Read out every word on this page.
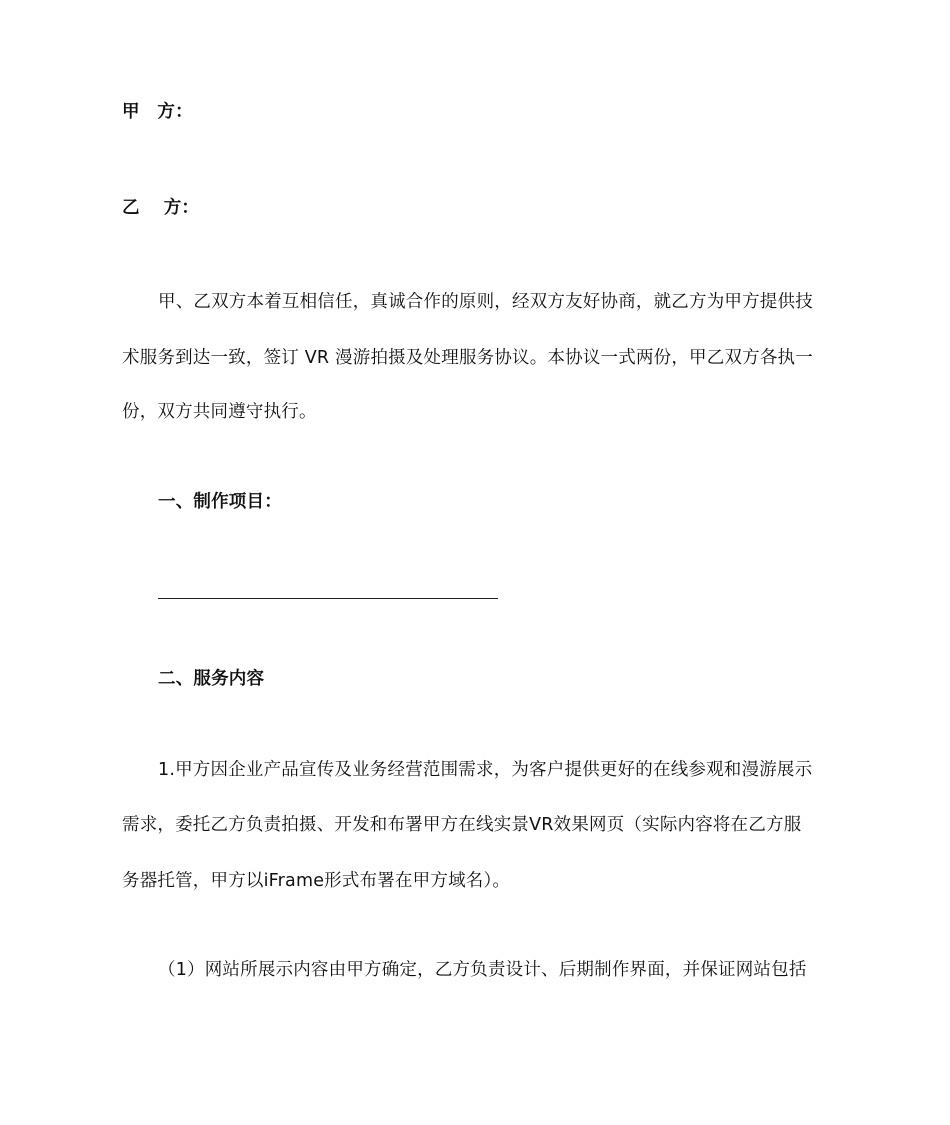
甲　方：
乙　 方：
甲、乙双方本着互相信任，真诚合作的原则，经双方友好协商，就乙方为甲方提供技
术服务到达一致，签订 VR 漫游拍摄及处理服务协议。本协议一式两份，甲乙双方各执一
份，双方共同遵守执行。
一、制作项目：
二、服务内容
1.甲方因企业产品宣传及业务经营范围需求，为客户提供更好的在线参观和漫游展示
需求，委托乙方负责拍摄、开发和布署甲方在线实景VR效果网页（实际内容将在乙方服
务器托管，甲方以iFrame形式布署在甲方域名）。
（1）网站所展示内容由甲方确定，乙方负责设计、后期制作界面，并保证网站包括
